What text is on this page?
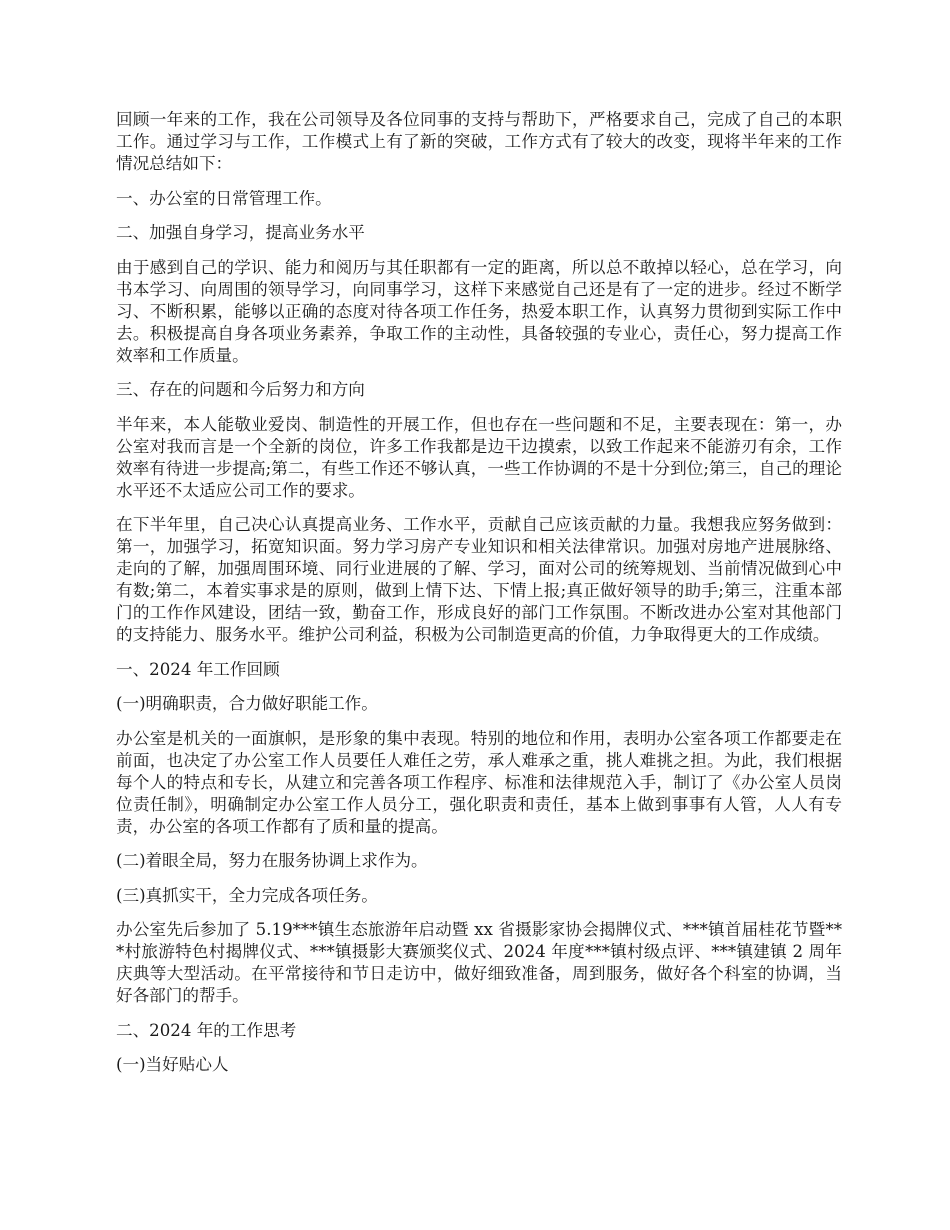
回顾一年来的工作，我在公司领导及各位同事的支持与帮助下，严格要求自己，完成了自己的本职工作。通过学习与工作，工作模式上有了新的突破，工作方式有了较大的改变，现将半年来的工作情况总结如下：

一、办公室的日常管理工作。

二、加强自身学习，提高业务水平

由于感到自己的学识、能力和阅历与其任职都有一定的距离，所以总不敢掉以轻心，总在学习，向书本学习、向周围的领导学习，向同事学习，这样下来感觉自己还是有了一定的进步。经过不断学习、不断积累，能够以正确的态度对待各项工作任务，热爱本职工作，认真努力贯彻到实际工作中去。积极提高自身各项业务素养，争取工作的主动性，具备较强的专业心，责任心，努力提高工作效率和工作质量。

三、存在的问题和今后努力和方向

半年来，本人能敬业爱岗、制造性的开展工作，但也存在一些问题和不足，主要表现在：第一，办公室对我而言是一个全新的岗位，许多工作我都是边干边摸索，以致工作起来不能游刃有余，工作效率有待进一步提高;第二，有些工作还不够认真，一些工作协调的不是十分到位;第三，自己的理论水平还不太适应公司工作的要求。

在下半年里，自己决心认真提高业务、工作水平，贡献自己应该贡献的力量。我想我应努务做到：第一，加强学习，拓宽知识面。努力学习房产专业知识和相关法律常识。加强对房地产进展脉络、走向的了解，加强周围环境、同行业进展的了解、学习，面对公司的统筹规划、当前情况做到心中有数;第二，本着实事求是的原则，做到上情下达、下情上报;真正做好领导的助手;第三，注重本部门的工作作风建设，团结一致，勤奋工作，形成良好的部门工作氛围。不断改进办公室对其他部门的支持能力、服务水平。维护公司利益，积极为公司制造更高的价值，力争取得更大的工作成绩。

一、2024 年工作回顾

(一)明确职责，合力做好职能工作。

办公室是机关的一面旗帜，是形象的集中表现。特别的地位和作用，表明办公室各项工作都要走在前面，也决定了办公室工作人员要任人难任之劳，承人难承之重，挑人难挑之担。为此，我们根据每个人的特点和专长，从建立和完善各项工作程序、标准和法律规范入手，制订了《办公室人员岗位责任制》，明确制定办公室工作人员分工，强化职责和责任，基本上做到事事有人管，人人有专责，办公室的各项工作都有了质和量的提高。

(二)着眼全局，努力在服务协调上求作为。

(三)真抓实干，全力完成各项任务。

办公室先后参加了 5.19***镇生态旅游年启动暨 xx 省摄影家协会揭牌仪式、***镇首届桂花节暨***村旅游特色村揭牌仪式、***镇摄影大赛颁奖仪式、2024 年度***镇村级点评、***镇建镇 2 周年庆典等大型活动。在平常接待和节日走访中，做好细致准备，周到服务，做好各个科室的协调，当好各部门的帮手。

二、2024 年的工作思考

(一)当好贴心人
